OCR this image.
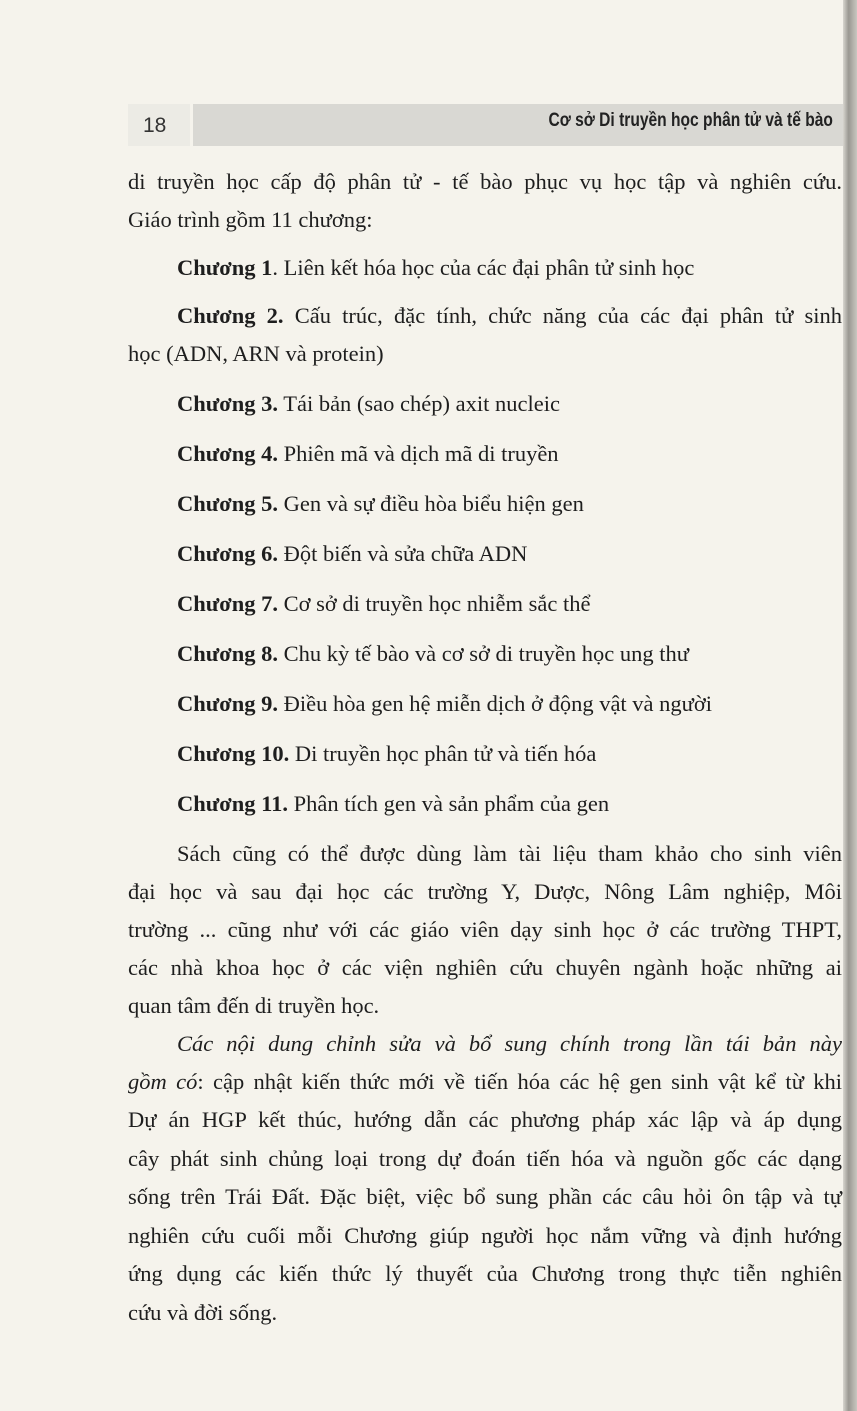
18	Cơ sở Di truyền học phân tử và tế bào
di truyền học cấp độ phân tử - tế bào phục vụ học tập và nghiên cứu.
Giáo trình gồm 11 chương:
Chương 1. Liên kết hóa học của các đại phân tử sinh học
Chương 2. Cấu trúc, đặc tính, chức năng của các đại phân tử sinh
học (ADN, ARN và protein)
Chương 3. Tái bản (sao chép) axit nucleic
Chương 4. Phiên mã và dịch mã di truyền
Chương 5. Gen và sự điều hòa biểu hiện gen
Chương 6. Đột biến và sửa chữa ADN
Chương 7. Cơ sở di truyền học nhiễm sắc thể
Chương 8. Chu kỳ tế bào và cơ sở di truyền học ung thư
Chương 9. Điều hòa gen hệ miễn dịch ở động vật và người
Chương 10. Di truyền học phân tử và tiến hóa
Chương 11. Phân tích gen và sản phẩm của gen
Sách cũng có thể được dùng làm tài liệu tham khảo cho sinh viên
đại học và sau đại học các trường Y, Dược, Nông Lâm nghiệp, Môi
trường ... cũng như với các giáo viên dạy sinh học ở các trường THPT,
các nhà khoa học ở các viện nghiên cứu chuyên ngành hoặc những ai
quan tâm đến di truyền học.
Các nội dung chỉnh sửa và bổ sung chính trong lần tái bản này
gồm có: cập nhật kiến thức mới về tiến hóa các hệ gen sinh vật kể từ khi
Dự án HGP kết thúc, hướng dẫn các phương pháp xác lập và áp dụng
cây phát sinh chủng loại trong dự đoán tiến hóa và nguồn gốc các dạng
sống trên Trái Đất. Đặc biệt, việc bổ sung phần các câu hỏi ôn tập và tự
nghiên cứu cuối mỗi Chương giúp người học nắm vững và định hướng
ứng dụng các kiến thức lý thuyết của Chương trong thực tiễn nghiên
cứu và đời sống.
